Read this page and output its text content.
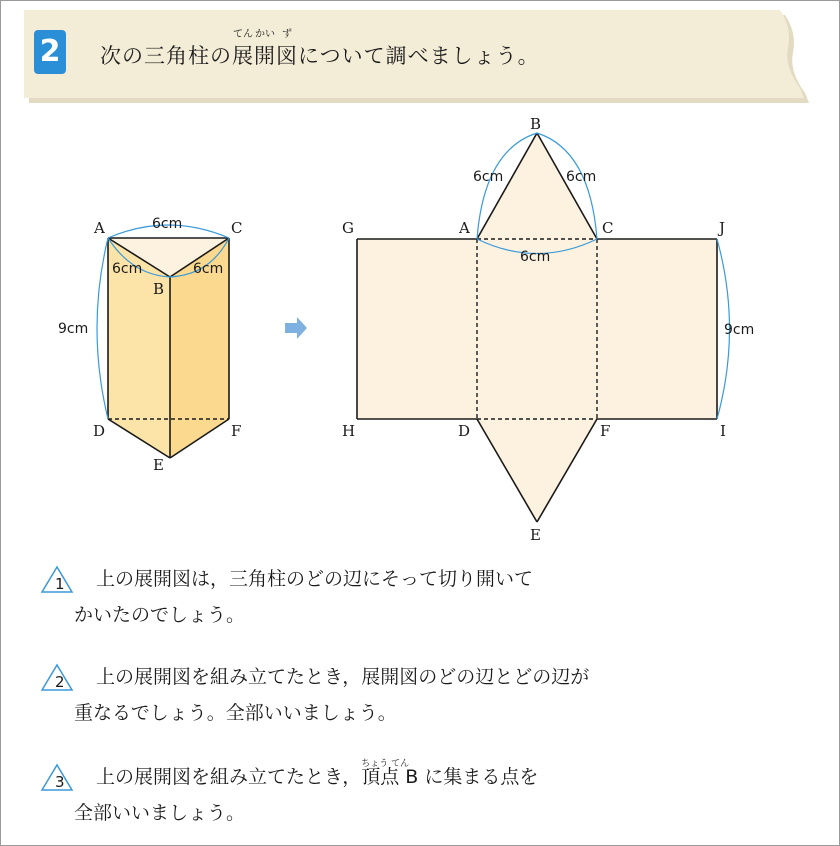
2 次の三角柱の展
てん
開
かい
図
ず
について調べましょう。
A
B
C
D
E
F
6cm
6cm	6cm
9cm
G	A
B
C	J
H	D	F	I
E
6cm	6cm
6cm
9cm
1 上の展開図は，三角柱のどの辺にそって切り開いて
かいたのでしょう。
2 上の展開図を組み立てたとき，展開図のどの辺とどの辺が
重なるでしょう。全部いいましょう。
3 上の展開図を組み立てたとき，頂点
ちょう てん
B に集まる点を
全部いいましょう。
